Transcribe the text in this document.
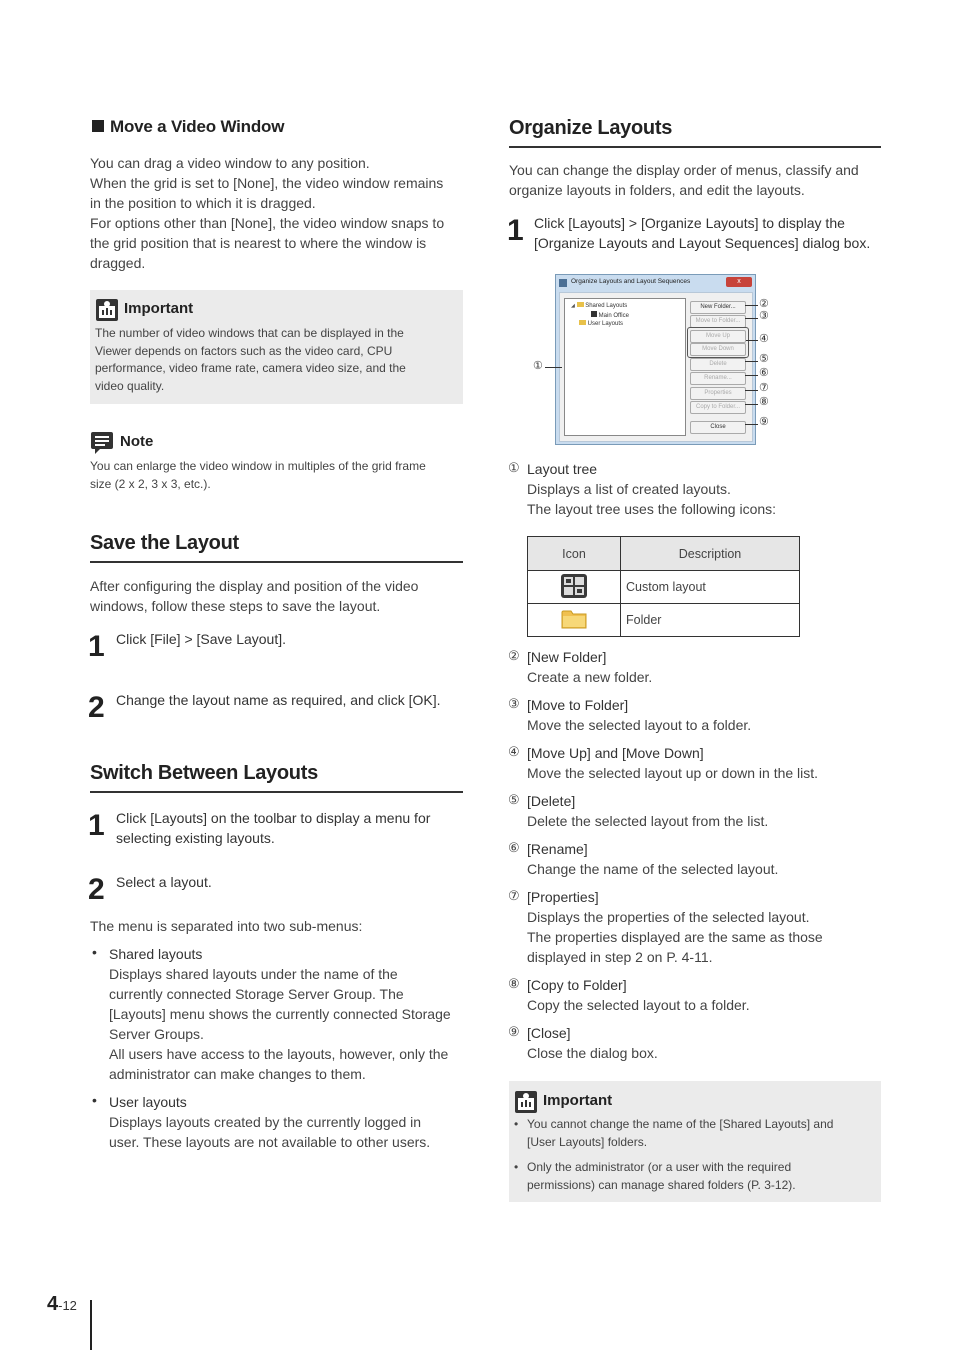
Move a Video Window
You can drag a video window to any position.
When the grid is set to [None], the video window remains
in the position to which it is dragged.
For options other than [None], the video window snaps to
the grid position that is nearest to where the window is
dragged.
Important
The number of video windows that can be displayed in the
Viewer depends on factors such as the video card, CPU
performance, video frame rate, camera video size, and the
video quality.
Note
You can enlarge the video window in multiples of the grid frame
size (2 x 2, 3 x 3, etc.).
Save the Layout
After configuring the display and position of the video
windows, follow these steps to save the layout.
1 Click [File] > [Save Layout].
2 Change the layout name as required, and click [OK].
Switch Between Layouts
1 Click [Layouts] on the toolbar to display a menu for
selecting existing layouts.
2 Select a layout.
The menu is separated into two sub-menus:
• Shared layouts
Displays shared layouts under the name of the
currently connected Storage Server Group. The
[Layouts] menu shows the currently connected Storage
Server Groups.
All users have access to the layouts, however, only the
administrator can make changes to them.
• User layouts
Displays layouts created by the currently logged in
user. These layouts are not available to other users.
Organize Layouts
You can change the display order of menus, classify and
organize layouts in folders, and edit the layouts.
1 Click [Layouts] > [Organize Layouts] to display the
[Organize Layouts and Layout Sequences] dialog box.
Organize Layouts and Layout Sequences	x
◢ Shared Layouts
Main Office
User Layouts
New Folder...
Move to Folder...
Move Up
Move Down
Delete
Rename...
Properties
Copy to Folder...
Close
①
②
③
④
⑤
⑥
⑦
⑧
⑨
① Layout tree
Displays a list of created layouts.
The layout tree uses the following icons:
Icon	Description
	Custom layout
	Folder
② [New Folder]
Create a new folder.
③ [Move to Folder]
Move the selected layout to a folder.
④ [Move Up] and [Move Down]
Move the selected layout up or down in the list.
⑤ [Delete]
Delete the selected layout from the list.
⑥ [Rename]
Change the name of the selected layout.
⑦ [Properties]
Displays the properties of the selected layout.
The properties displayed are the same as those
displayed in step 2 on P. 4-11.
⑧ [Copy to Folder]
Copy the selected layout to a folder.
⑨ [Close]
Close the dialog box.
Important
• You cannot change the name of the [Shared Layouts] and
[User Layouts] folders.
• Only the administrator (or a user with the required
permissions) can manage shared folders (P. 3-12).
4-12
